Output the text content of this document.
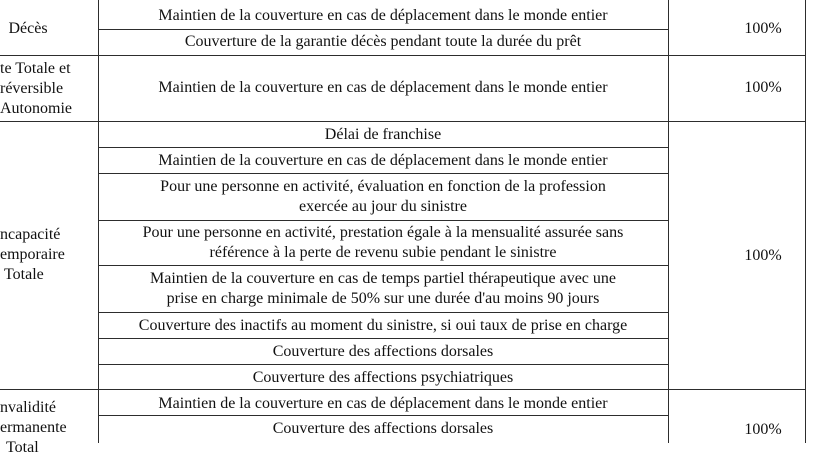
Décès
Maintien de la couverture en cas de déplacement dans le monde entier
Couverture de la garantie décès pendant toute la durée du prêt
100%
te Totale et
réversible
Autonomie
Maintien de la couverture en cas de déplacement dans le monde entier	100%
ncapacité
emporaire
Totale
Délai de franchise
Maintien de la couverture en cas de déplacement dans le monde entier
Pour une personne en activité, évaluation en fonction de la profession
exercée au jour du sinistre
Pour une personne en activité, prestation égale à la mensualité assurée sans
référence à la perte de revenu subie pendant le sinistre
Maintien de la couverture en cas de temps partiel thérapeutique avec une
prise en charge minimale de 50% sur une durée d'au moins 90 jours
Couverture des inactifs au moment du sinistre, si oui taux de prise en charge
Couverture des affections dorsales
Couverture des affections psychiatriques
100%
nvalidité
ermanente
Total
Maintien de la couverture en cas de déplacement dans le monde entier
Couverture des affections dorsales	100%
